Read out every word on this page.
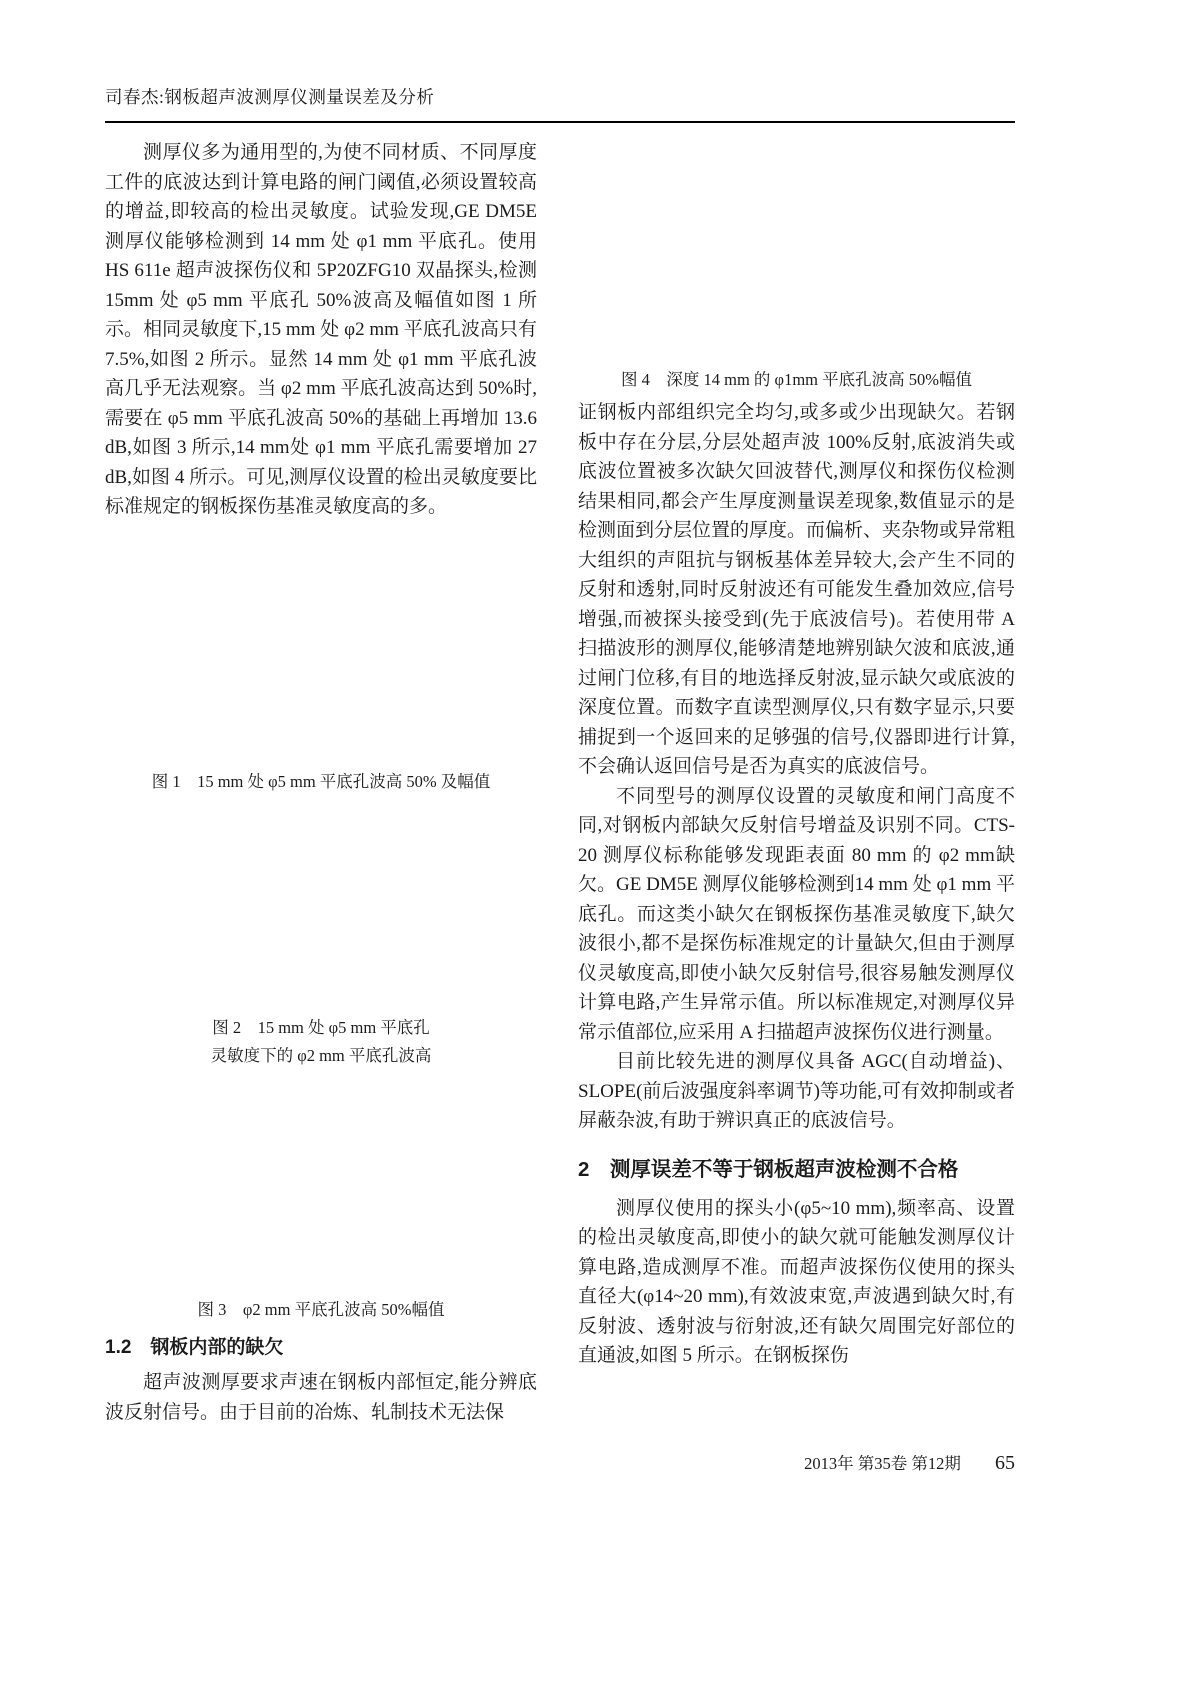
司春杰:钢板超声波测厚仪测量误差及分析

测厚仪多为通用型的,为使不同材质、不同厚度工件的底波达到计算电路的闸门阈值,必须设置较高的增益,即较高的检出灵敏度。试验发现,GE DM5E测厚仪能够检测到 14 mm 处 φ1 mm 平底孔。使用 HS 611e 超声波探伤仪和 5P20ZFG10 双晶探头,检测 15mm 处 φ5 mm 平底孔 50%波高及幅值如图 1 所示。相同灵敏度下,15 mm 处 φ2 mm 平底孔波高只有 7.5%,如图 2 所示。显然 14 mm 处 φ1 mm 平底孔波高几乎无法观察。当 φ2 mm 平底孔波高达到 50%时,需要在 φ5 mm 平底孔波高 50%的基础上再增加 13.6 dB,如图 3 所示,14 mm处 φ1 mm 平底孔需要增加 27 dB,如图 4 所示。可见,测厚仪设置的检出灵敏度要比标准规定的钢板探伤基准灵敏度高的多。

图 1　15 mm 处 φ5 mm 平底孔波高 50% 及幅值
图 2　15 mm 处 φ5 mm 平底孔
灵敏度下的 φ2 mm 平底孔波高
图 3　φ2 mm 平底孔波高 50%幅值
1.2　钢板内部的缺欠

超声波测厚要求声速在钢板内部恒定,能分辨底波反射信号。由于目前的冶炼、轧制技术无法保

图 4　深度 14 mm 的 φ1mm 平底孔波高 50%幅值

证钢板内部组织完全均匀,或多或少出现缺欠。若钢板中存在分层,分层处超声波 100%反射,底波消失或底波位置被多次缺欠回波替代,测厚仪和探伤仪检测结果相同,都会产生厚度测量误差现象,数值显示的是检测面到分层位置的厚度。而偏析、夹杂物或异常粗大组织的声阻抗与钢板基体差异较大,会产生不同的反射和透射,同时反射波还有可能发生叠加效应,信号增强,而被探头接受到(先于底波信号)。若使用带 A 扫描波形的测厚仪,能够清楚地辨别缺欠波和底波,通过闸门位移,有目的地选择反射波,显示缺欠或底波的深度位置。而数字直读型测厚仪,只有数字显示,只要捕捉到一个返回来的足够强的信号,仪器即进行计算,不会确认返回信号是否为真实的底波信号。

不同型号的测厚仪设置的灵敏度和闸门高度不同,对钢板内部缺欠反射信号增益及识别不同。CTS-20 测厚仪标称能够发现距表面 80 mm 的 φ2 mm缺欠。GE DM5E 测厚仪能够检测到14 mm 处 φ1 mm 平底孔。而这类小缺欠在钢板探伤基准灵敏度下,缺欠波很小,都不是探伤标准规定的计量缺欠,但由于测厚仪灵敏度高,即使小缺欠反射信号,很容易触发测厚仪计算电路,产生异常示值。所以标准规定,对测厚仪异常示值部位,应采用 A 扫描超声波探伤仪进行测量。

目前比较先进的测厚仪具备 AGC(自动增益)、SLOPE(前后波强度斜率调节)等功能,可有效抑制或者屏蔽杂波,有助于辨识真正的底波信号。

2　测厚误差不等于钢板超声波检测不合格

测厚仪使用的探头小(φ5~10 mm),频率高、设置的检出灵敏度高,即使小的缺欠就可能触发测厚仪计算电路,造成测厚不准。而超声波探伤仪使用的探头直径大(φ14~20 mm),有效波束宽,声波遇到缺欠时,有反射波、透射波与衍射波,还有缺欠周围完好部位的直通波,如图 5 所示。在钢板探伤

2013年 第35卷 第12期 65
